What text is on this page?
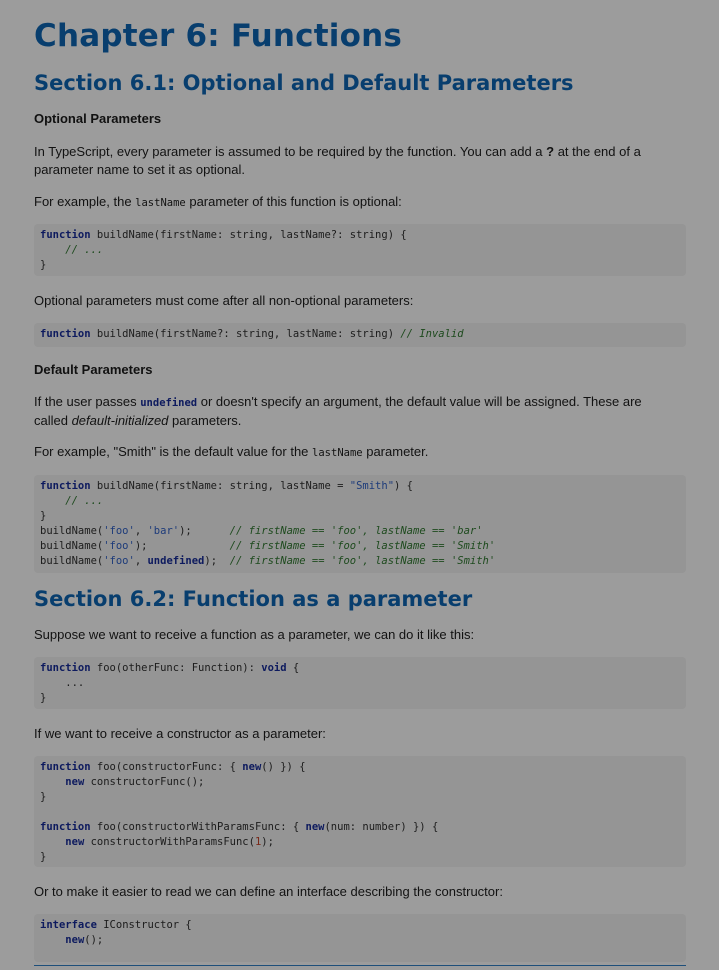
Chapter 6: Functions
Section 6.1: Optional and Default Parameters
Optional Parameters

In TypeScript, every parameter is assumed to be required by the function. You can add a ? at the end of a parameter name to set it as optional.

For example, the lastName parameter of this function is optional:

function buildName(firstName: string, lastName?: string) {
// ...
}

Optional parameters must come after all non-optional parameters:

function buildName(firstName?: string, lastName: string) // Invalid
Default Parameters

If the user passes undefined or doesn't specify an argument, the default value will be assigned. These are called default-initialized parameters.

For example, "Smith" is the default value for the lastName parameter.

function buildName(firstName: string, lastName = "Smith") {
// ...
}
buildName('foo', 'bar');      // firstName == 'foo', lastName == 'bar'
buildName('foo');             // firstName == 'foo', lastName == 'Smith'
buildName('foo', undefined);  // firstName == 'foo', lastName == 'Smith'
Section 6.2: Function as a parameter

Suppose we want to receive a function as a parameter, we can do it like this:

function foo(otherFunc: Function): void {
...
}

If we want to receive a constructor as a parameter:

function foo(constructorFunc: { new() }) {
new constructorFunc();
}
function foo(constructorWithParamsFunc: { new(num: number) }) {
new constructorWithParamsFunc(1);
}

Or to make it easier to read we can define an interface describing the constructor:

interface IConstructor {
new();
